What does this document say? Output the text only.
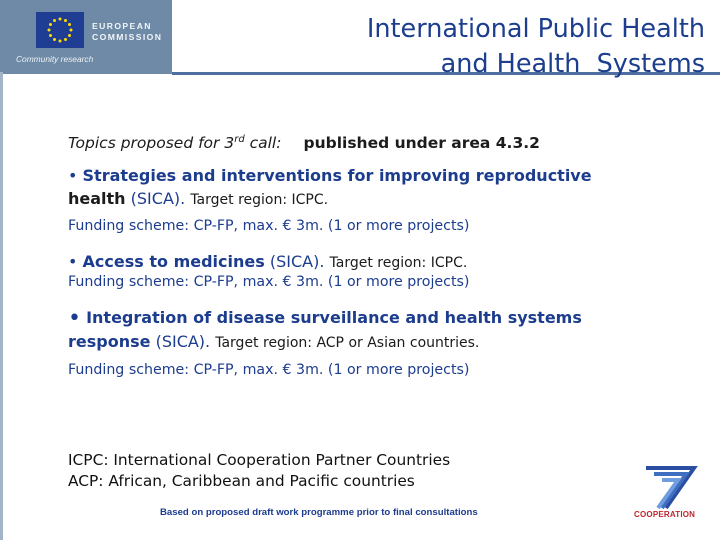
EUROPEAN
COMMISSION
Community research
International Public Health
and Health  Systems
Topics proposed for 3rd call: published under area 4.3.2
• Strategies and interventions for improving reproductive
health (SICA). Target region: ICPC.
Funding scheme: CP-FP, max. € 3m. (1 or more projects)
• Access to medicines (SICA). Target region: ICPC.
Funding scheme: CP-FP, max. € 3m. (1 or more projects)
• Integration of disease surveillance and health systems
response (SICA). Target region: ACP or Asian countries.
Funding scheme: CP-FP, max. € 3m. (1 or more projects)
ICPC: International Cooperation Partner Countries
ACP: African, Caribbean and Pacific countries
Based on proposed draft work programme prior to final consultations	COOPERATION
